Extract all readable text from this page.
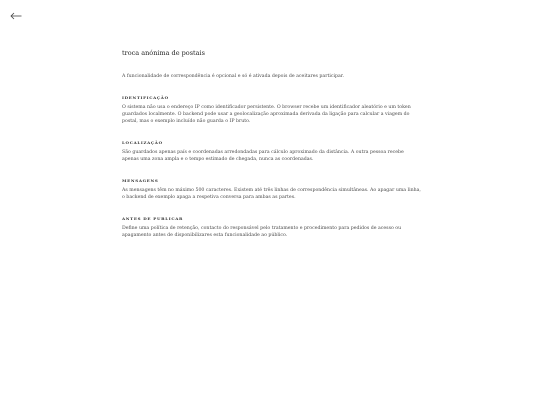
troca anónima de postais

A funcionalidade de correspondência é opcional e só é ativada depois de aceitares participar.

IDENTIFICAÇÃO

O sistema não usa o endereço IP como identificador persistente. O browser recebe um identificador aleatório e um token guardados localmente. O backend pode usar a geolocalização aproximada derivada da ligação para calcular a viagem do postal, mas o exemplo incluído não guarda o IP bruto.

LOCALIZAÇÃO

São guardados apenas país e coordenadas arredondadas para cálculo aproximado da distância. A outra pessoa recebe apenas uma zona ampla e o tempo estimado de chegada, nunca as coordenadas.

MENSAGENS

As mensagens têm no máximo 500 caracteres. Existem até três linhas de correspondência simultâneas. Ao apagar uma linha, o backend de exemplo apaga a respetiva conversa para ambas as partes.

ANTES DE PUBLICAR

Define uma política de retenção, contacto do responsável pelo tratamento e procedimento para pedidos de acesso ou apagamento antes de disponibilizares esta funcionalidade ao público.
